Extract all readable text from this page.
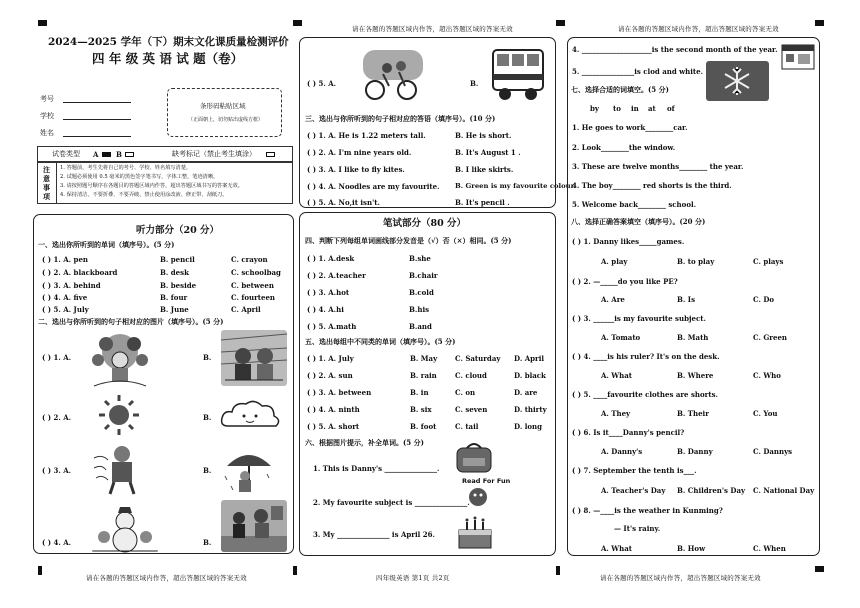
请在各题的答题区域内作答，超出答题区域的答案无效	请在各题的答题区域内作答，超出答题区域的答案无效
2024—2025 学年（下）期末文化课质量检测评价
四 年 级 英 语 试 题（卷）
考号
学校
姓名
条形码粘贴区域
（正面朝上，切勿贴出虚线方框）
试卷类型 A	B	缺考标记（禁止考生填涂）
注
意
事
项
1. 答题前，考生先将自己的考号、学校、姓名填写清楚。
2. 试题必须使用 0.5 毫米的黑色签字笔书写，字体工整，笔迹清晰。
3. 请按照题号顺序在各题目的答题区域内作答，超出答题区域书写的答案无效。
4. 保持清洁，不要折叠、不要弄破，禁止使用涂改液、修正带、刮纸刀。
听力部分（20 分）
一、选出你所听到的单词（填序号）。(5 分)
( ) 1. A. pen	B. pencil	C. crayon
( ) 2. A. blackboard	B. desk	C. schoolbag
( ) 3. A. behind	B. beside	C. between
( ) 4. A. five	B. four	C. fourteen
( ) 5. A. July	B. June	C. April
二、选出与你所听到的句子相对应的图片（填序号）。(5 分)
( ) 1. A.	B.
( ) 2. A.	B.
( ) 3. A.	B.
( ) 4. A.	B.
( ) 5. A.	B.
三、选出与你所听到的句子相对应的答语（填序号）。(10 分)
( ) 1. A. He is 1.22 meters tall.	B. He is short.
( ) 2. A. I'm nine years old.	B. It's August 1 .
( ) 3. A. I like to fly kites.	B. I like skirts.
( ) 4. A. Noodles are my favourite. B. Green is my favourite colour.
( ) 5. A. No,it isn't.	B. It's pencil .
笔试部分（80 分）
四、判断下列每组单词画线部分发音是（√）否（×）相同。(5 分)
( ) 1. A.desk	B.she
( ) 2. A.teacher	B.chair
( ) 3. A.hot	B.cold
( ) 4. A.hi	B.his
( ) 5. A.math	B.and
五、选出每组中不同类的单词（填序号）。(5 分)
( ) 1. A. July	B. May	C. Saturday D. April
( ) 2. A. sun	B. rain	C. cloud	D. black
( ) 3. A. between	B. in	C. on	D. are
( ) 4. A. ninth	B. six	C. seven	D. thirty
( ) 5. A. short	B. foot	C. tail	D. long
六、根据图片提示，补全单词。(5 分)
1. This is Danny's _______________.
2. My favourite subject is _______________.
3. My _______________ is April 26.
Read For Fun
4. ____________________is the second month of the year.
5. _______________is clod and white.
七、选择合适的词填空。(5 分)
by to in at of
1. He goes to work________car.
2. Look________the window.
3. These are twelve months________ the year.
4. The boy________ red shorts is the third.
5. Welcome back________ school.
八、选择正确答案填空（填序号）。(20 分)
( ) 1. Danny likes_____games.
A. play	B. to play	C. plays
( ) 2. —_____do you like PE?
A. Are	B. Is	C. Do
( ) 3. ______is my favourite subject.
A. Tomato	B. Math	C. Green
( ) 4. ____is his ruler? It's on the desk.
A. What	B. Where	C. Who
( ) 5. ____favourite clothes are shorts.
A. They	B. Their	C. You
( ) 6. Is it____Danny's pencil?
A. Danny's	B. Danny	C. Dannys
( ) 7. September the tenth is___.
A. Teacher's Day B. Children's Day C. National Day
( ) 8. —____is the weather in Kunming?
— It's rainy.
A. What	B. How	C. When
请在各题的答题区域内作答，超出答题区域的答案无效	四年级英语 第1页 共2页	请在各题的答题区域内作答，超出答题区域的答案无效
